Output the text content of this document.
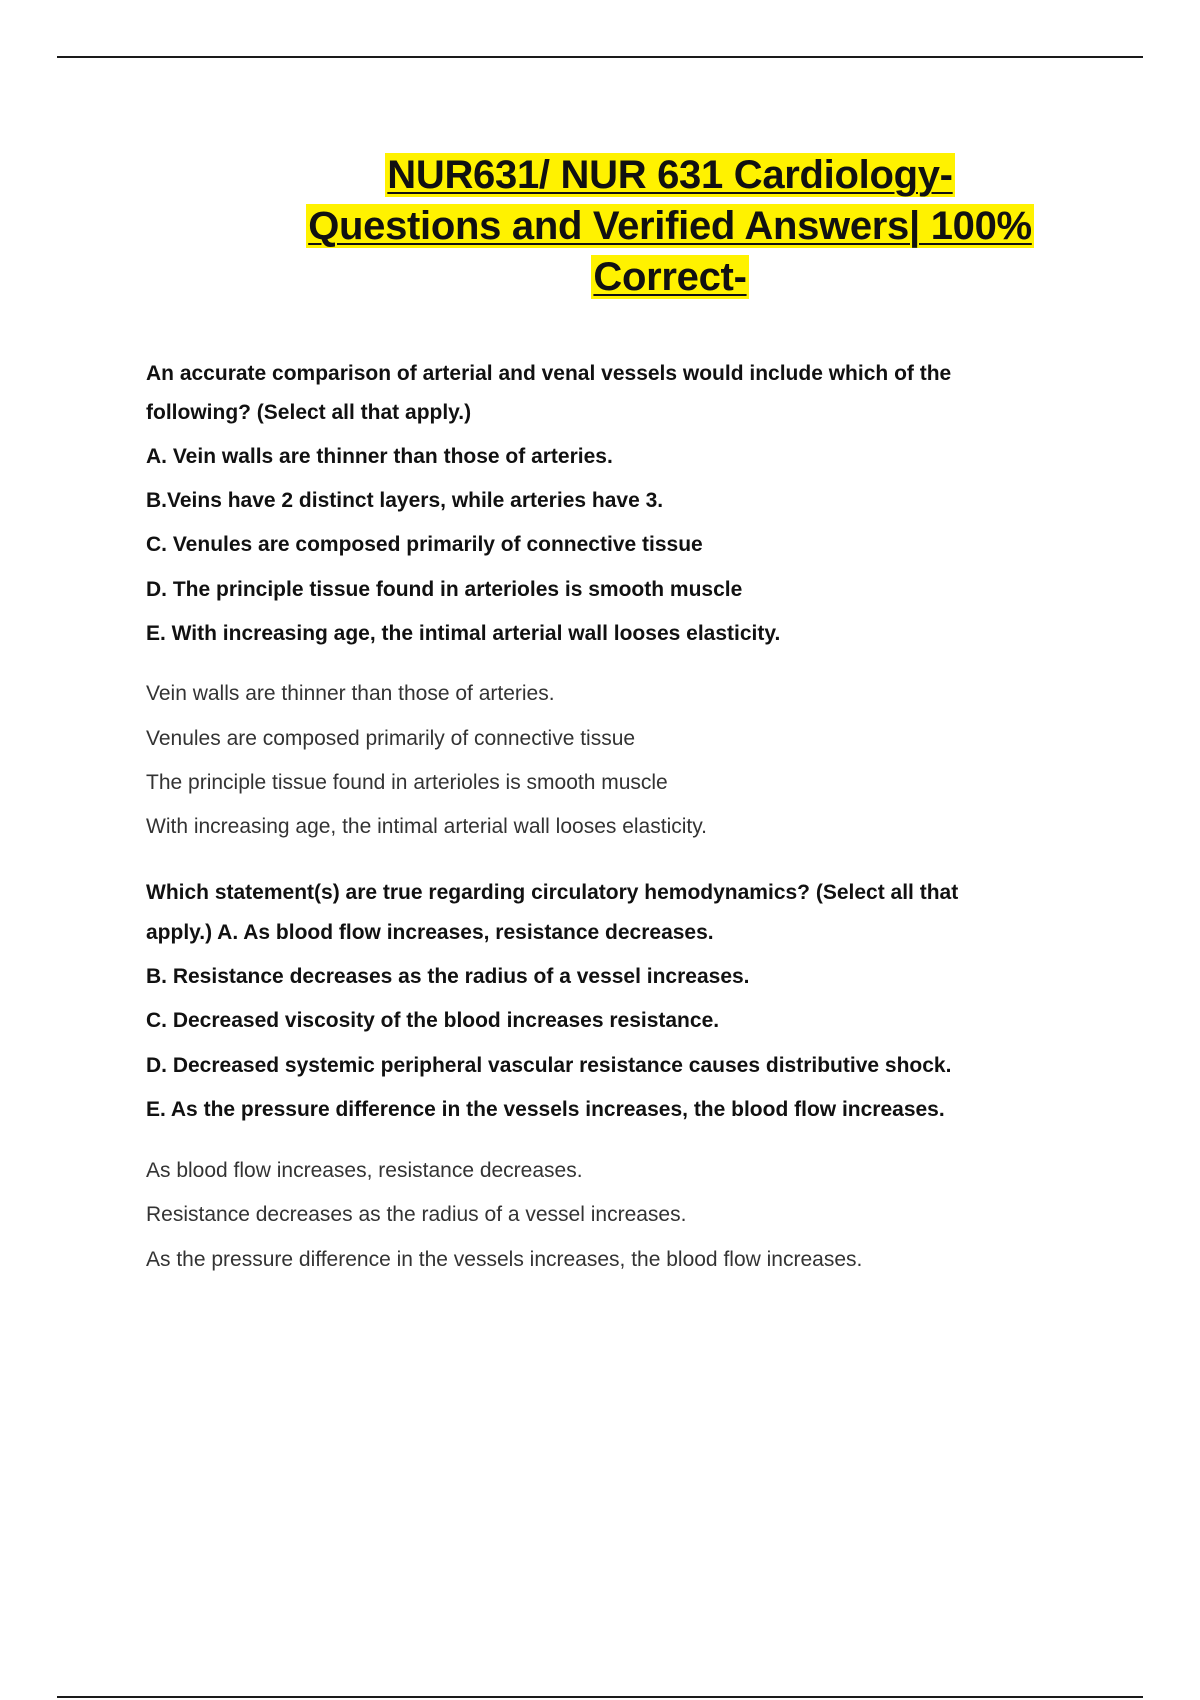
NUR631/ NUR 631 Cardiology-
Questions and Verified Answers| 100%
Correct-
An accurate comparison of arterial and venal vessels would include which of the
following? (Select all that apply.)
A. Vein walls are thinner than those of arteries.
B.Veins have 2 distinct layers, while arteries have 3.
C. Venules are composed primarily of connective tissue
D. The principle tissue found in arterioles is smooth muscle
E. With increasing age, the intimal arterial wall looses elasticity.
Vein walls are thinner than those of arteries.
Venules are composed primarily of connective tissue
The principle tissue found in arterioles is smooth muscle
With increasing age, the intimal arterial wall looses elasticity.
Which statement(s) are true regarding circulatory hemodynamics? (Select all that
apply.) A. As blood flow increases, resistance decreases.
B. Resistance decreases as the radius of a vessel increases.
C. Decreased viscosity of the blood increases resistance.
D. Decreased systemic peripheral vascular resistance causes distributive shock.
E. As the pressure difference in the vessels increases, the blood flow increases.
As blood flow increases, resistance decreases.
Resistance decreases as the radius of a vessel increases.
As the pressure difference in the vessels increases, the blood flow increases.
